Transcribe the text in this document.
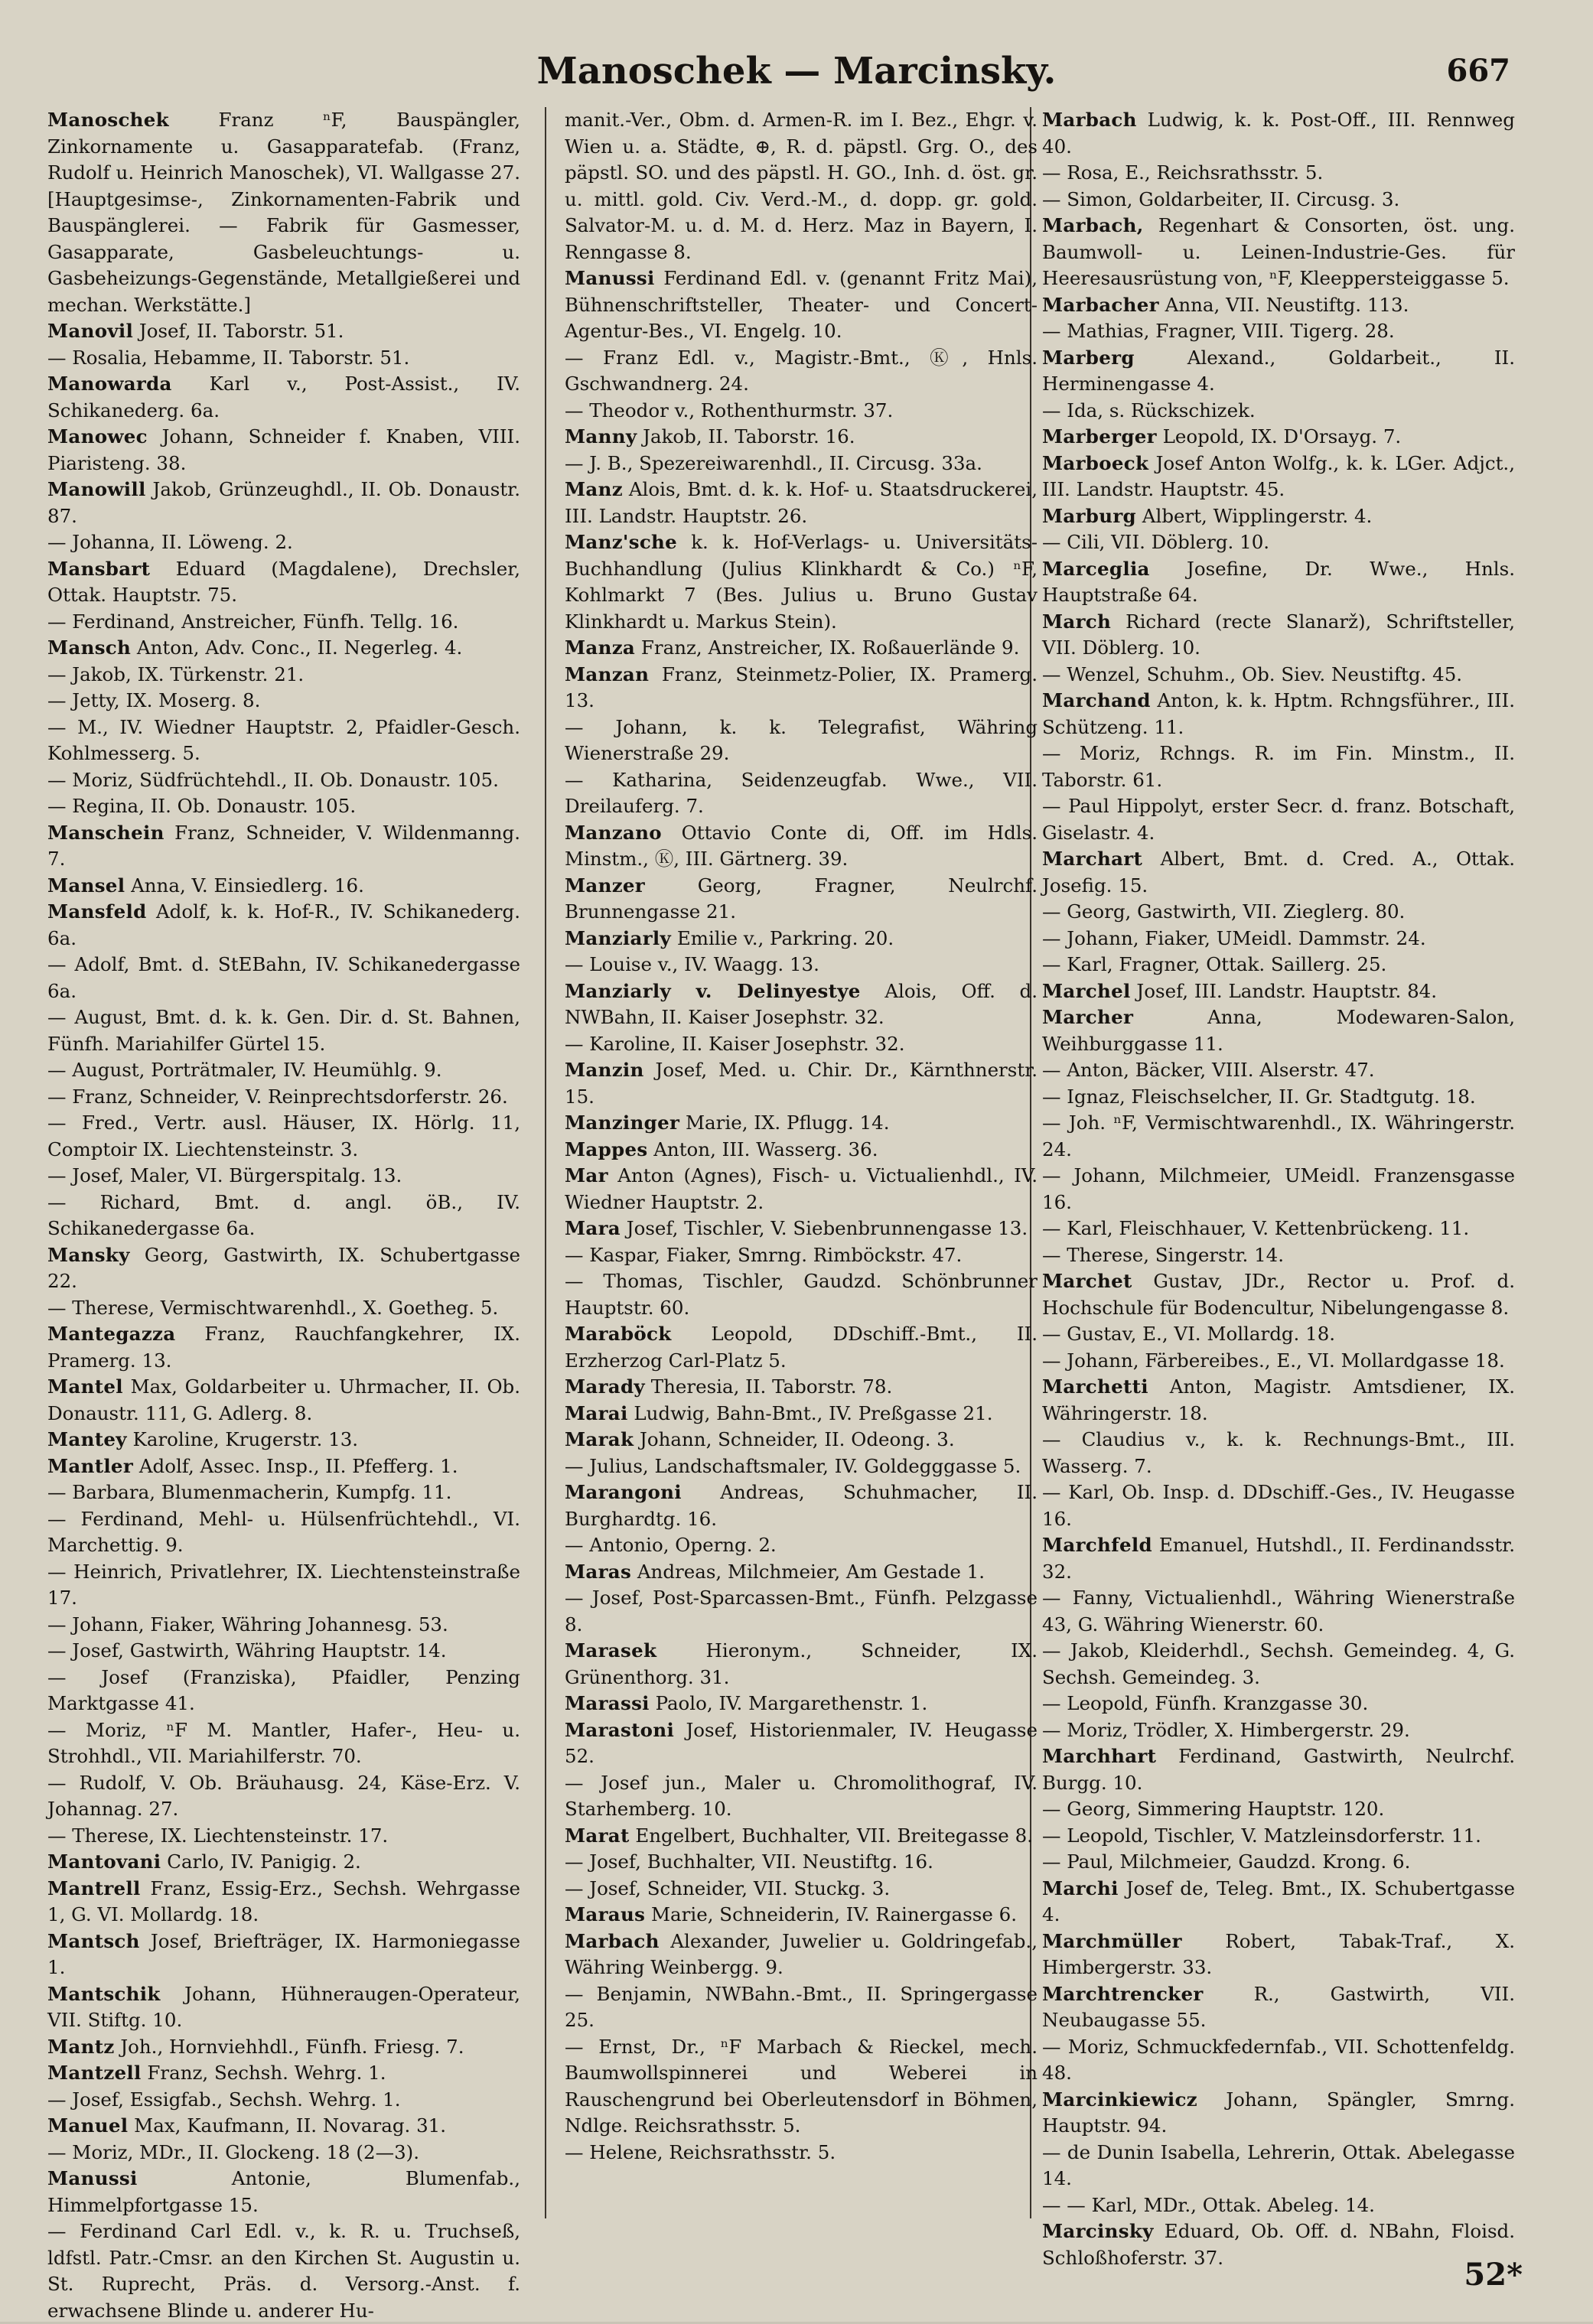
Manoschek — Marcinsky.	667

Manoschek Franz ⁿF, Bauspängler, Zinkornamente u. Gasapparatefab. (Franz, Rudolf u. Heinrich Manoschek), VI. Wallgasse 27. [Hauptgesimse-, Zinkornamenten-Fabrik und Bauspänglerei. — Fabrik für Gasmesser, Gasapparate, Gasbeleuchtungs- u. Gasbeheizungs-Gegenstände, Metallgießerei und mechan. Werkstätte.]

Manovil Josef, II. Taborstr. 51.

— Rosalia, Hebamme, II. Taborstr. 51.

Manowarda Karl v., Post-Assist., IV. Schikanederg. 6a.

Manowec Johann, Schneider f. Knaben, VIII. Piaristeng. 38.

Manowill Jakob, Grünzeughdl., II. Ob. Donaustr. 87.

— Johanna, II. Löweng. 2.

Mansbart Eduard (Magdalene), Drechsler, Ottak. Hauptstr. 75.

— Ferdinand, Anstreicher, Fünfh. Tellg. 16.

Mansch Anton, Adv. Conc., II. Negerleg. 4.

— Jakob, IX. Türkenstr. 21.

— Jetty, IX. Moserg. 8.

— M., IV. Wiedner Hauptstr. 2, Pfaidler-Gesch. Kohlmesserg. 5.

— Moriz, Südfrüchtehdl., II. Ob. Donaustr. 105.

— Regina, II. Ob. Donaustr. 105.

Manschein Franz, Schneider, V. Wildenmanng. 7.

Mansel Anna, V. Einsiedlerg. 16.

Mansfeld Adolf, k. k. Hof-R., IV. Schikanederg. 6a.

— Adolf, Bmt. d. StEBahn, IV. Schikanedergasse 6a.

— August, Bmt. d. k. k. Gen. Dir. d. St. Bahnen, Fünfh. Mariahilfer Gürtel 15.

— August, Porträtmaler, IV. Heumühlg. 9.

— Franz, Schneider, V. Reinprechtsdorferstr. 26.

— Fred., Vertr. ausl. Häuser, IX. Hörlg. 11, Comptoir IX. Liechtensteinstr. 3.

— Josef, Maler, VI. Bürgerspitalg. 13.

— Richard, Bmt. d. angl. öB., IV. Schikanedergasse 6a.

Mansky Georg, Gastwirth, IX. Schubertgasse 22.

— Therese, Vermischtwarenhdl., X. Goetheg. 5.

Mantegazza Franz, Rauchfangkehrer, IX. Pramerg. 13.

Mantel Max, Goldarbeiter u. Uhrmacher, II. Ob. Donaustr. 111, G. Adlerg. 8.

Mantey Karoline, Krugerstr. 13.

Mantler Adolf, Assec. Insp., II. Pfefferg. 1.

— Barbara, Blumenmacherin, Kumpfg. 11.

— Ferdinand, Mehl- u. Hülsenfrüchtehdl., VI. Marchettig. 9.

— Heinrich, Privatlehrer, IX. Liechtensteinstraße 17.

— Johann, Fiaker, Währing Johannesg. 53.

— Josef, Gastwirth, Währing Hauptstr. 14.

— Josef (Franziska), Pfaidler, Penzing Marktgasse 41.

— Moriz, ⁿF M. Mantler, Hafer-, Heu- u. Strohhdl., VII. Mariahilferstr. 70.

— Rudolf, V. Ob. Bräuhausg. 24, Käse-Erz. V. Johannag. 27.

— Therese, IX. Liechtensteinstr. 17.

Mantovani Carlo, IV. Panigig. 2.

Mantrell Franz, Essig-Erz., Sechsh. Wehrgasse 1, G. VI. Mollardg. 18.

Mantsch Josef, Briefträger, IX. Harmoniegasse 1.

Mantschik Johann, Hühneraugen-Operateur, VII. Stiftg. 10.

Mantz Joh., Hornviehhdl., Fünfh. Friesg. 7.

Mantzell Franz, Sechsh. Wehrg. 1.

— Josef, Essigfab., Sechsh. Wehrg. 1.

Manuel Max, Kaufmann, II. Novarag. 31.

— Moriz, MDr., II. Glockeng. 18 (2—3).

Manussi Antonie, Blumenfab., Himmelpfortgasse 15.

— Ferdinand Carl Edl. v., k. R. u. Truchseß, ldfstl. Patr.-Cmsr. an den Kirchen St. Augustin u. St. Ruprecht, Präs. d. Versorg.-Anst. f. erwachsene Blinde u. anderer Hu-

manit.-Ver., Obm. d. Armen-R. im I. Bez., Ehgr. v. Wien u. a. Städte, ⊕, R. d. päpstl. Grg. O., des päpstl. SO. und des päpstl. H. GO., Inh. d. öst. gr. u. mittl. gold. Civ. Verd.-M., d. dopp. gr. gold. Salvator-M. u. d. M. d. Herz. Maz in Bayern, I. Renngasse 8.

Manussi Ferdinand Edl. v. (genannt Fritz Mai), Bühnenschriftsteller, Theater- und Concert-Agentur-Bes., VI. Engelg. 10.

— Franz Edl. v., Magistr.-Bmt., Ⓚ, Hnls. Gschwandnerg. 24.

— Theodor v., Rothenthurmstr. 37.

Manny Jakob, II. Taborstr. 16.

— J. B., Spezereiwarenhdl., II. Circusg. 33a.

Manz Alois, Bmt. d. k. k. Hof- u. Staatsdruckerei, III. Landstr. Hauptstr. 26.

Manz'sche k. k. Hof-Verlags- u. Universitäts-Buchhandlung (Julius Klinkhardt & Co.) ⁿF, Kohlmarkt 7 (Bes. Julius u. Bruno Gustav Klinkhardt u. Markus Stein).

Manza Franz, Anstreicher, IX. Roßauerlände 9.

Manzan Franz, Steinmetz-Polier, IX. Pramerg. 13.

— Johann, k. k. Telegrafist, Währing Wienerstraße 29.

— Katharina, Seidenzeugfab. Wwe., VII. Dreilauferg. 7.

Manzano Ottavio Conte di, Off. im Hdls. Minstm., Ⓚ, III. Gärtnerg. 39.

Manzer Georg, Fragner, Neulrchf. Brunnengasse 21.

Manziarly Emilie v., Parkring. 20.

— Louise v., IV. Waagg. 13.

Manziarly v. Delinyestye Alois, Off. d. NWBahn, II. Kaiser Josephstr. 32.

— Karoline, II. Kaiser Josephstr. 32.

Manzin Josef, Med. u. Chir. Dr., Kärnthnerstr. 15.

Manzinger Marie, IX. Pflugg. 14.

Mappes Anton, III. Wasserg. 36.

Mar Anton (Agnes), Fisch- u. Victualienhdl., IV. Wiedner Hauptstr. 2.

Mara Josef, Tischler, V. Siebenbrunnengasse 13.

— Kaspar, Fiaker, Smrng. Rimböckstr. 47.

— Thomas, Tischler, Gaudzd. Schönbrunner Hauptstr. 60.

Maraböck Leopold, DDschiff.-Bmt., II. Erzherzog Carl-Platz 5.

Marady Theresia, II. Taborstr. 78.

Marai Ludwig, Bahn-Bmt., IV. Preßgasse 21.

Marak Johann, Schneider, II. Odeong. 3.

— Julius, Landschaftsmaler, IV. Goldegggasse 5.

Marangoni Andreas, Schuhmacher, II. Burghardtg. 16.

— Antonio, Operng. 2.

Maras Andreas, Milchmeier, Am Gestade 1.

— Josef, Post-Sparcassen-Bmt., Fünfh. Pelzgasse 8.

Marasek Hieronym., Schneider, IX. Grünenthorg. 31.

Marassi Paolo, IV. Margarethenstr. 1.

Marastoni Josef, Historienmaler, IV. Heugasse 52.

— Josef jun., Maler u. Chromolithograf, IV. Starhemberg. 10.

Marat Engelbert, Buchhalter, VII. Breitegasse 8.

— Josef, Buchhalter, VII. Neustiftg. 16.

— Josef, Schneider, VII. Stuckg. 3.

Maraus Marie, Schneiderin, IV. Rainergasse 6.

Marbach Alexander, Juwelier u. Goldringefab., Währing Weinbergg. 9.

— Benjamin, NWBahn.-Bmt., II. Springergasse 25.

— Ernst, Dr., ⁿF Marbach & Rieckel, mech. Baumwollspinnerei und Weberei in Rauschengrund bei Oberleutensdorf in Böhmen, Ndlge. Reichsrathsstr. 5.

— Helene, Reichsrathsstr. 5.

Marbach Ludwig, k. k. Post-Off., III. Rennweg 40.

— Rosa, E., Reichsrathsstr. 5.

— Simon, Goldarbeiter, II. Circusg. 3.

Marbach, Regenhart & Consorten, öst. ung. Baumwoll- u. Leinen-Industrie-Ges. für Heeresausrüstung von, ⁿF, Kleeppersteiggasse 5.

Marbacher Anna, VII. Neustiftg. 113.

— Mathias, Fragner, VIII. Tigerg. 28.

Marberg Alexand., Goldarbeit., II. Herminengasse 4.

— Ida, s. Rückschizek.

Marberger Leopold, IX. D'Orsayg. 7.

Marboeck Josef Anton Wolfg., k. k. LGer. Adjct., III. Landstr. Hauptstr. 45.

Marburg Albert, Wipplingerstr. 4.

— Cili, VII. Döblerg. 10.

Marceglia Josefine, Dr. Wwe., Hnls. Hauptstraße 64.

March Richard (recte Slanarž), Schriftsteller, VII. Döblerg. 10.

— Wenzel, Schuhm., Ob. Siev. Neustiftg. 45.

Marchand Anton, k. k. Hptm. Rchngsführer., III. Schützeng. 11.

— Moriz, Rchngs. R. im Fin. Minstm., II. Taborstr. 61.

— Paul Hippolyt, erster Secr. d. franz. Botschaft, Giselastr. 4.

Marchart Albert, Bmt. d. Cred. A., Ottak. Josefig. 15.

— Georg, Gastwirth, VII. Zieglerg. 80.

— Johann, Fiaker, UMeidl. Dammstr. 24.

— Karl, Fragner, Ottak. Saillerg. 25.

Marchel Josef, III. Landstr. Hauptstr. 84.

Marcher Anna, Modewaren-Salon, Weihburggasse 11.

— Anton, Bäcker, VIII. Alserstr. 47.

— Ignaz, Fleischselcher, II. Gr. Stadtgutg. 18.

— Joh. ⁿF, Vermischtwarenhdl., IX. Währingerstr. 24.

— Johann, Milchmeier, UMeidl. Franzensgasse 16.

— Karl, Fleischhauer, V. Kettenbrückeng. 11.

— Therese, Singerstr. 14.

Marchet Gustav, JDr., Rector u. Prof. d. Hochschule für Bodencultur, Nibelungengasse 8.

— Gustav, E., VI. Mollardg. 18.

— Johann, Färbereibes., E., VI. Mollardgasse 18.

Marchetti Anton, Magistr. Amtsdiener, IX. Währingerstr. 18.

— Claudius v., k. k. Rechnungs-Bmt., III. Wasserg. 7.

— Karl, Ob. Insp. d. DDschiff.-Ges., IV. Heugasse 16.

Marchfeld Emanuel, Hutshdl., II. Ferdinandsstr. 32.

— Fanny, Victualienhdl., Währing Wienerstraße 43, G. Währing Wienerstr. 60.

— Jakob, Kleiderhdl., Sechsh. Gemeindeg. 4, G. Sechsh. Gemeindeg. 3.

— Leopold, Fünfh. Kranzgasse 30.

— Moriz, Trödler, X. Himbergerstr. 29.

Marchhart Ferdinand, Gastwirth, Neulrchf. Burgg. 10.

— Georg, Simmering Hauptstr. 120.

— Leopold, Tischler, V. Matzleinsdorferstr. 11.

— Paul, Milchmeier, Gaudzd. Krong. 6.

Marchi Josef de, Teleg. Bmt., IX. Schubertgasse 4.

Marchmüller Robert, Tabak-Traf., X. Himbergerstr. 33.

Marchtrencker R., Gastwirth, VII. Neubaugasse 55.

— Moriz, Schmuckfedernfab., VII. Schottenfeldg. 48.

Marcinkiewicz Johann, Spängler, Smrng. Hauptstr. 94.

— de Dunin Isabella, Lehrerin, Ottak. Abelegasse 14.

— — Karl, MDr., Ottak. Abeleg. 14.

Marcinsky Eduard, Ob. Off. d. NBahn, Floisd. Schloßhoferstr. 37.	52*
